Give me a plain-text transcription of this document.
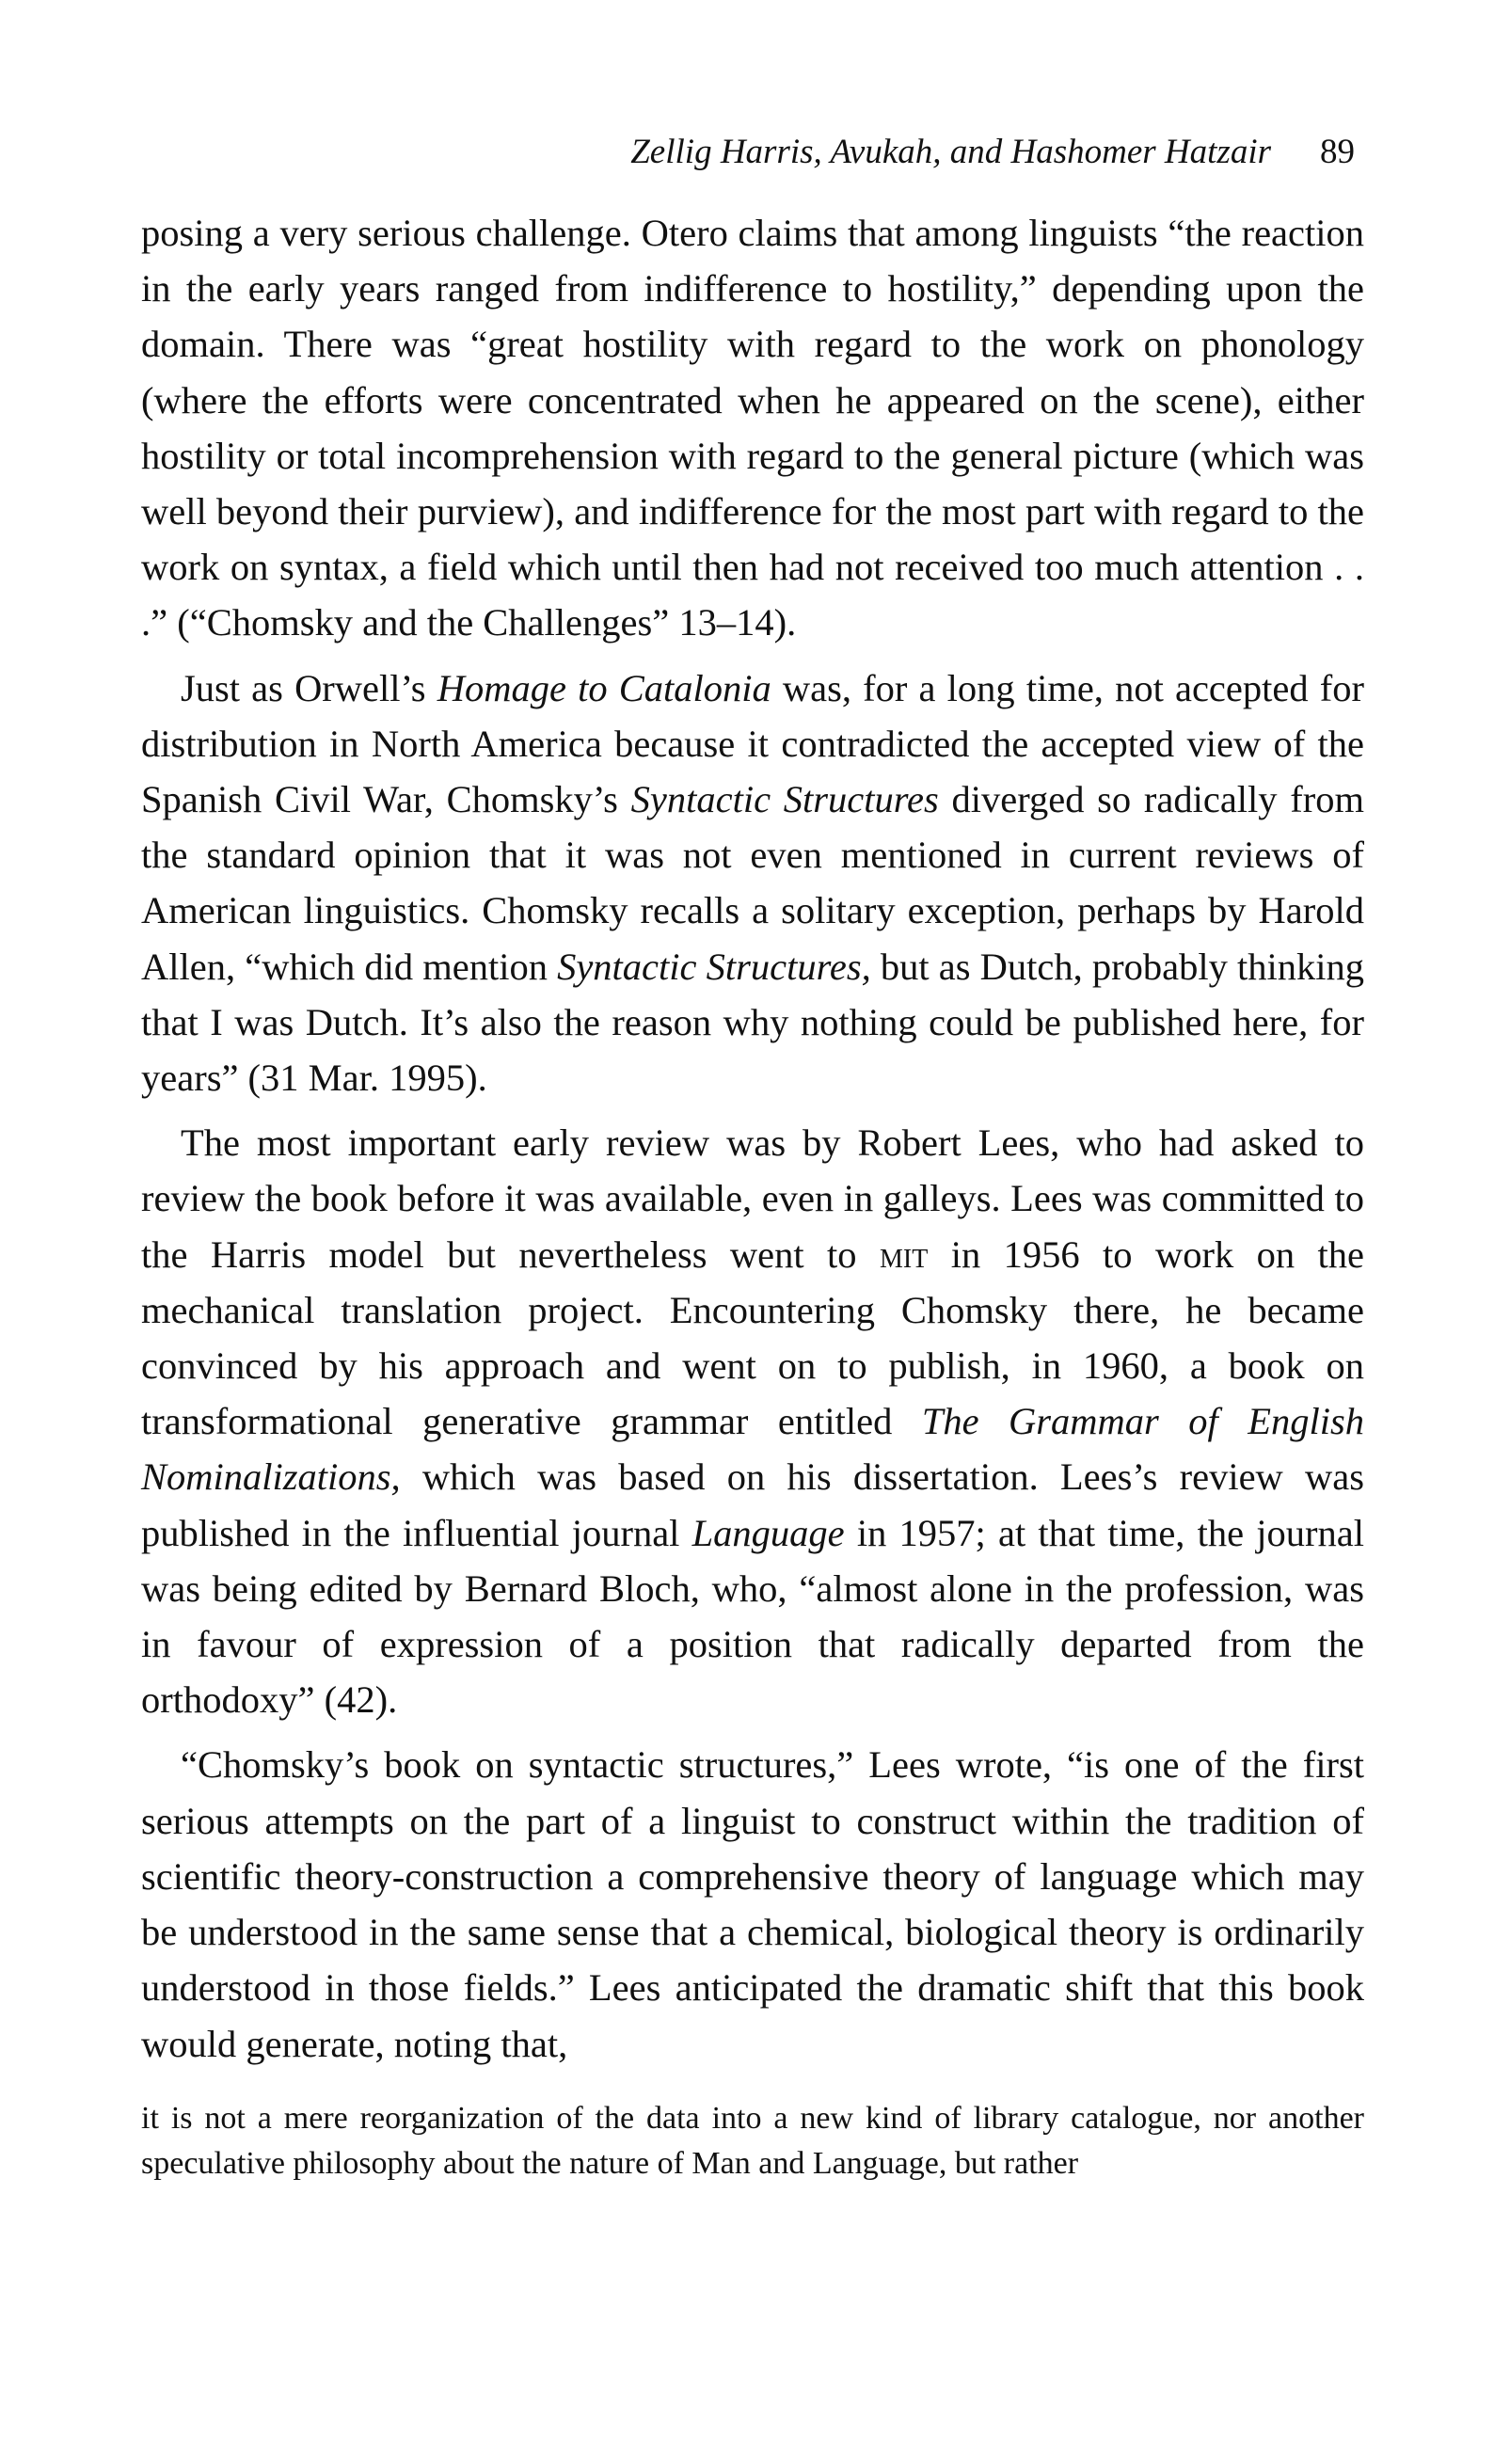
Zellig Harris, Avukah, and Hashomer Hatzair 89

posing a very serious challenge. Otero claims that among linguists “the reaction in the early years ranged from indifference to hostility,” depending upon the domain. There was “great hostility with regard to the work on phonology (where the efforts were concentrated when he appeared on the scene), either hostility or total incomprehension with regard to the general picture (which was well beyond their purview), and indifference for the most part with regard to the work on syntax, a field which until then had not received too much attention . . .” (“Chomsky and the Challenges” 13–14).

Just as Orwell’s Homage to Catalonia was, for a long time, not accepted for distribution in North America because it contradicted the accepted view of the Spanish Civil War, Chomsky’s Syntactic Structures diverged so radically from the standard opinion that it was not even mentioned in current reviews of American linguistics. Chomsky recalls a solitary exception, perhaps by Harold Allen, “which did mention Syntactic Structures, but as Dutch, probably thinking that I was Dutch. It’s also the reason why nothing could be published here, for years” (31 Mar. 1995).

The most important early review was by Robert Lees, who had asked to review the book before it was available, even in galleys. Lees was committed to the Harris model but nevertheless went to mit in 1956 to work on the mechanical translation project. Encountering Chomsky there, he became convinced by his approach and went on to publish, in 1960, a book on transformational generative grammar entitled The Grammar of English Nominalizations, which was based on his dissertation. Lees’s review was published in the influential journal Language in 1957; at that time, the journal was being edited by Bernard Bloch, who, “almost alone in the profession, was in favour of expression of a position that radically departed from the orthodoxy” (42).

“Chomsky’s book on syntactic structures,” Lees wrote, “is one of the first serious attempts on the part of a linguist to construct within the tradition of scientific theory-construction a comprehensive theory of language which may be understood in the same sense that a chemical, biological theory is ordinarily understood in those fields.” Lees anticipated the dramatic shift that this book would generate, noting that,

it is not a mere reorganization of the data into a new kind of library catalogue, nor another speculative philosophy about the nature of Man and Language, but rather
